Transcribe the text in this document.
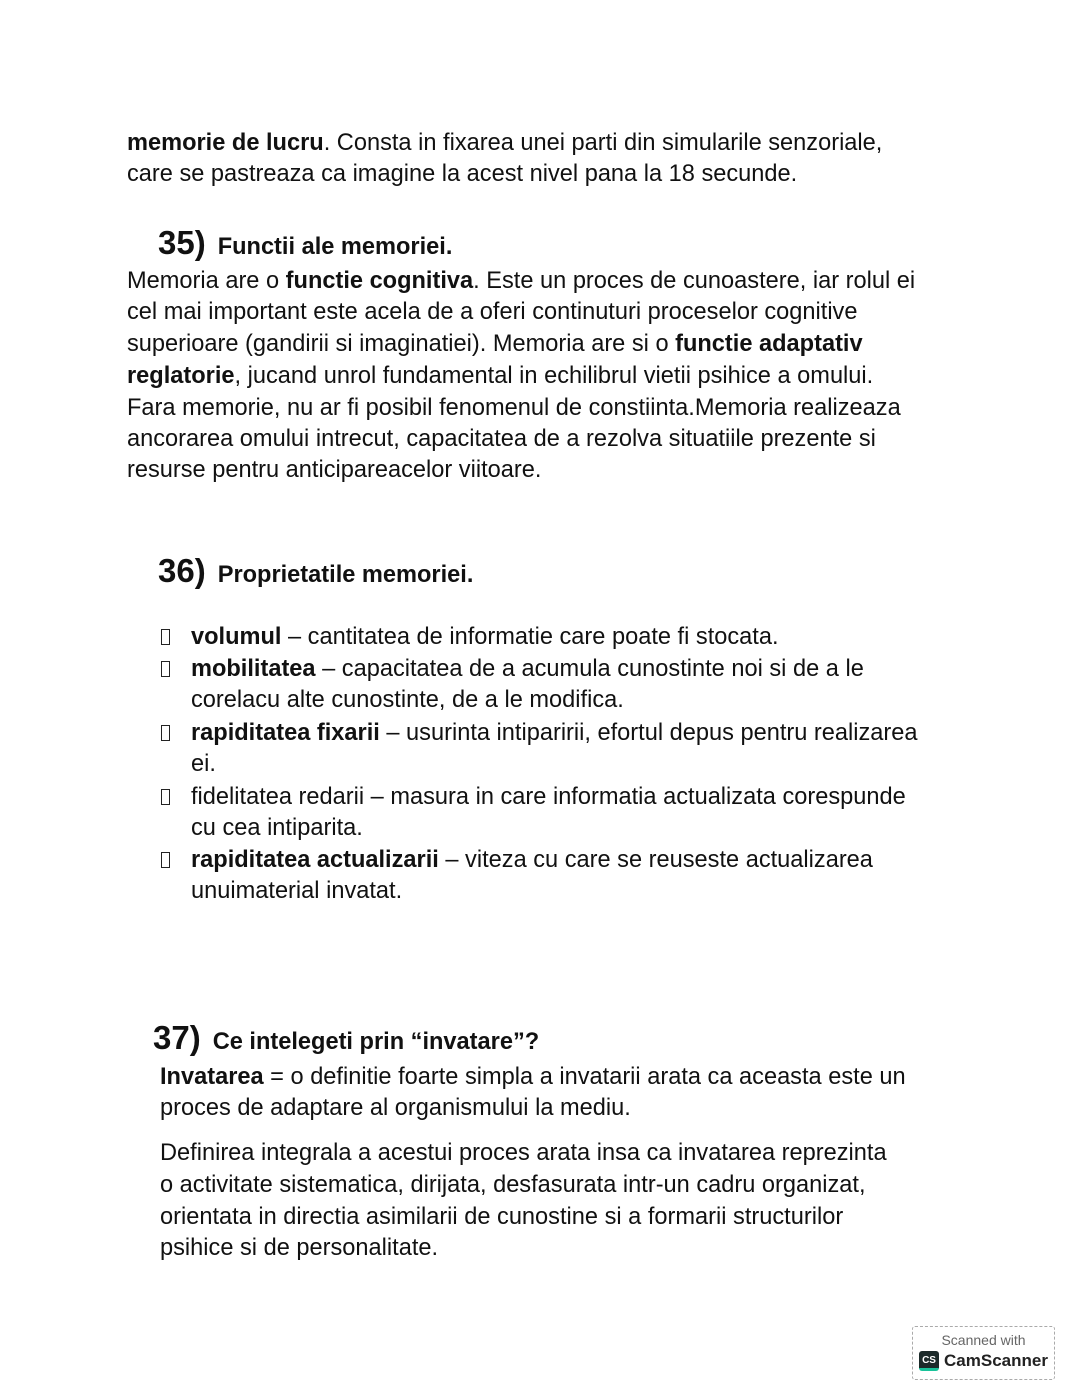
memorie de lucru. Consta in fixarea unei parti din simularile senzoriale,
care se pastreaza ca imagine la acest nivel pana la 18 secunde.
Memoria are o functie cognitiva. Este un proces de cunoastere, iar rolul ei
cel mai important este acela de a oferi continuturi proceselor cognitive
superioare (gandirii si imaginatiei). Memoria are si o functie adaptativ
reglatorie, jucand unrol fundamental in echilibrul vietii psihice a omului.
Fara memorie, nu ar fi posibil fenomenul de constiinta.Memoria realizeaza
ancorarea omului intrecut, capacitatea de a rezolva situatiile prezente si
resurse pentru anticipareacelor viitoare.
volumul – cantitatea de informatie care poate fi stocata.
mobilitatea – capacitatea de a acumula cunostinte noi si de a le
corelacu alte cunostinte, de a le modifica.
rapiditatea fixarii – usurinta intiparirii, efortul depus pentru realizarea
ei.
fidelitatea redarii – masura in care informatia actualizata corespunde
cu cea intiparita.
rapiditatea actualizarii – viteza cu care se reuseste actualizarea
unuimaterial invatat.
Invatarea = o definitie foarte simpla a invatarii arata ca aceasta este un
proces de adaptare al organismului la mediu.
Definirea integrala a acestui proces arata insa ca invatarea reprezinta
o activitate sistematica, dirijata, desfasurata intr-un cadru organizat,
orientata in directia asimilarii de cunostine si a formarii structurilor
psihice si de personalitate.
35) Functii ale memoriei.
36) Proprietatile memoriei.
37) Ce intelegeti prin “invatare”?
Scanned with
CS CamScanner
